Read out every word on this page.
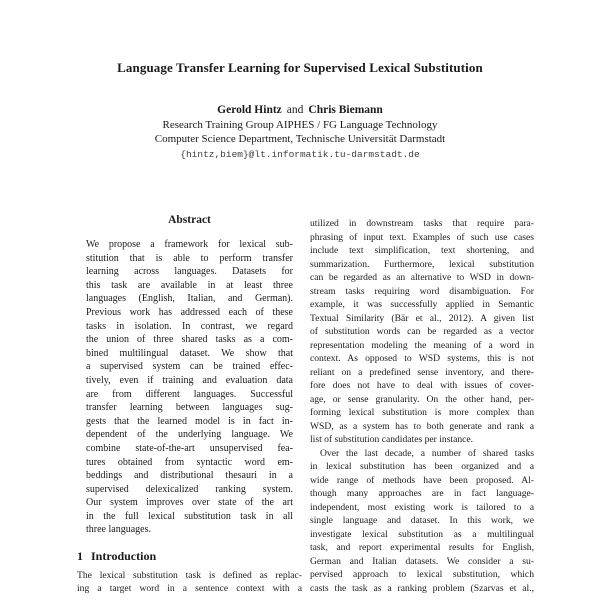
Language Transfer Learning for Supervised Lexical Substitution
Gerold Hintz and Chris Biemann
Research Training Group AIPHES / FG Language Technology
Computer Science Department, Technische Universität Darmstadt
{hintz,biem}@lt.informatik.tu-darmstadt.de
Abstract
We propose a framework for lexical sub-
stitution that is able to perform transfer
learning across languages. Datasets for
this task are available in at least three
languages (English, Italian, and German).
Previous work has addressed each of these
tasks in isolation. In contrast, we regard
the union of three shared tasks as a com-
bined multilingual dataset. We show that
a supervised system can be trained effec-
tively, even if training and evaluation data
are from different languages. Successful
transfer learning between languages sug-
gests that the learned model is in fact in-
dependent of the underlying language. We
combine state-of-the-art unsupervised fea-
tures obtained from syntactic word em-
beddings and distributional thesauri in a
supervised delexicalized ranking system.
Our system improves over state of the art
in the full lexical substitution task in all
three languages.
1 Introduction
The lexical substitution task is defined as replac-
ing a target word in a sentence context with a
utilized in downstream tasks that require para-
phrasing of input text. Examples of such use cases
include text simplification, text shortening, and
summarization. Furthermore, lexical substitution
can be regarded as an alternative to WSD in down-
stream tasks requiring word disambiguation. For
example, it was successfully applied in Semantic
Textual Similarity (Bär et al., 2012). A given list
of substitution words can be regarded as a vector
representation modeling the meaning of a word in
context. As opposed to WSD systems, this is not
reliant on a predefined sense inventory, and there-
fore does not have to deal with issues of cover-
age, or sense granularity. On the other hand, per-
forming lexical substitution is more complex than
WSD, as a system has to both generate and rank a
list of substitution candidates per instance.
Over the last decade, a number of shared tasks
in lexical substitution has been organized and a
wide range of methods have been proposed. Al-
though many approaches are in fact language-
independent, most existing work is tailored to a
single language and dataset. In this work, we
investigate lexical substitution as a multilingual
task, and report experimental results for English,
German and Italian datasets. We consider a su-
pervised approach to lexical substitution, which
casts the task as a ranking problem (Szarvas et al.,
